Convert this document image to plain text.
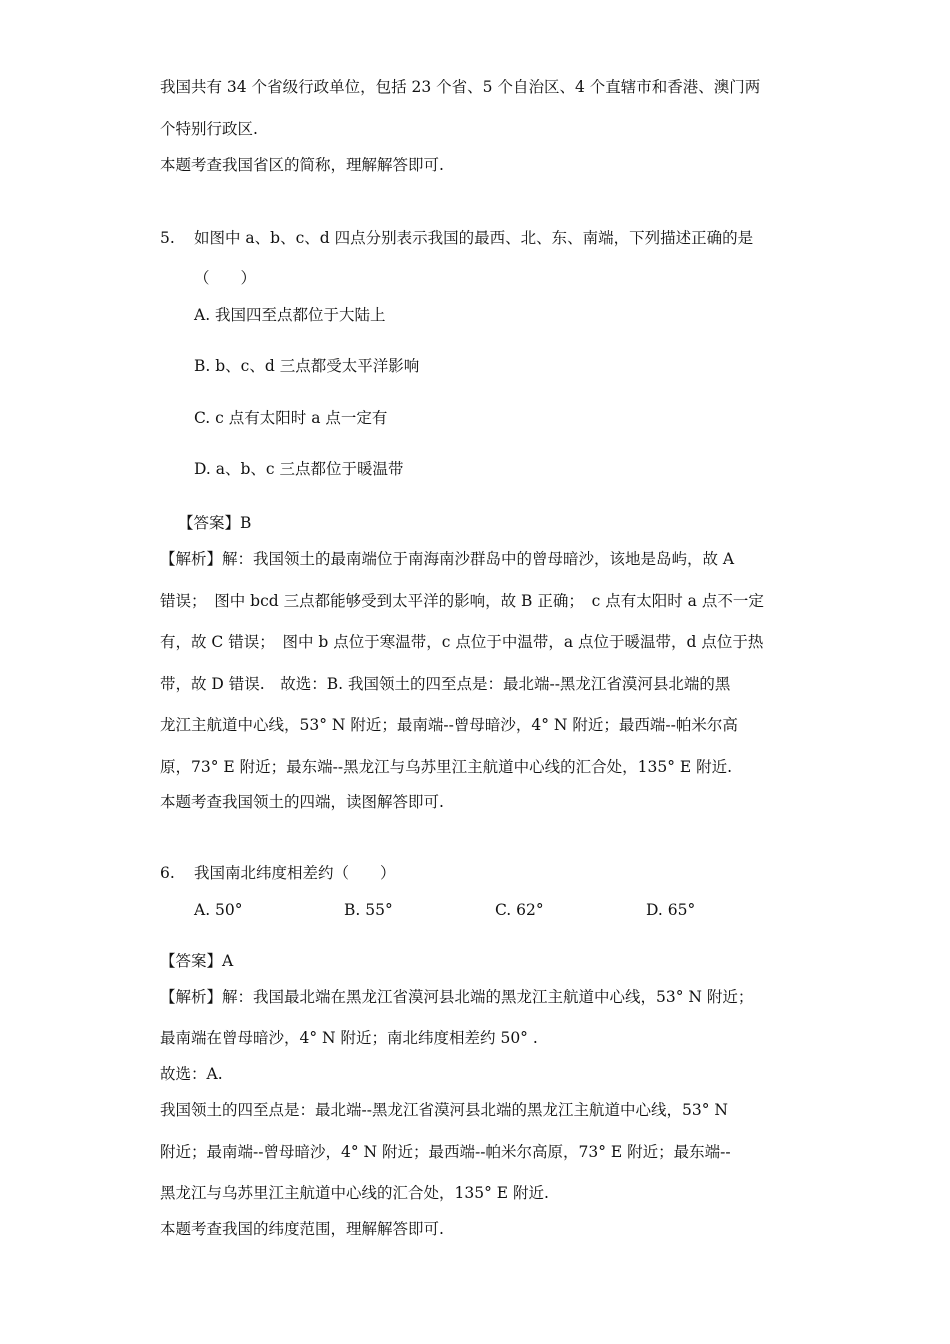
我国共有 34 个省级行政单位，包括 23 个省、5 个自治区、4 个直辖市和香港、澳门两
个特别行政区.
本题考查我国省区的简称，理解解答即可.
5. 如图中 a、b、c、d 四点分别表示我国的最西、北、东、南端，下列描述正确的是
（　　）
A. 我国四至点都位于大陆上
B. b、c、d 三点都受太平洋影响
C. c 点有太阳时 a 点一定有
D. a、b、c 三点都位于暖温带
【答案】B
【解析】解：我国领土的最南端位于南海南沙群岛中的曾母暗沙，该地是岛屿，故 A
错误；　图中 bcd 三点都能够受到太平洋的影响，故 B 正确；　c 点有太阳时 a 点不一定
有，故 C 错误；　图中 b 点位于寒温带，c 点位于中温带，a 点位于暖温带，d 点位于热
带，故 D 错误.　故选：B. 我国领土的四至点是：最北端--黑龙江省漠河县北端的黑
龙江主航道中心线，53° N 附近；最南端--曾母暗沙，4° N 附近；最西端--帕米尔高
原，73° E 附近；最东端--黑龙江与乌苏里江主航道中心线的汇合处，135° E 附近.
本题考查我国领土的四端，读图解答即可.
6. 我国南北纬度相差约（　　）
A. 50°	B. 55°	C. 62°	D. 65°
【答案】A
【解析】解：我国最北端在黑龙江省漠河县北端的黑龙江主航道中心线，53° N 附近；
最南端在曾母暗沙，4° N 附近；南北纬度相差约 50° .
故选：A.
我国领土的四至点是：最北端--黑龙江省漠河县北端的黑龙江主航道中心线，53° N
附近；最南端--曾母暗沙，4° N 附近；最西端--帕米尔高原，73° E 附近；最东端--
黑龙江与乌苏里江主航道中心线的汇合处，135° E 附近.
本题考查我国的纬度范围，理解解答即可.
